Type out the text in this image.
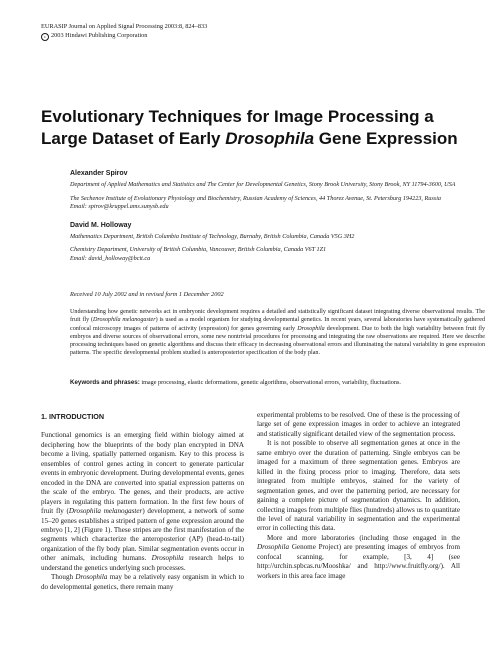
EURASIP Journal on Applied Signal Processing 2003:8, 824–833
c 2003 Hindawi Publishing Corporation
Evolutionary Techniques for Image Processing a Large Dataset of Early Drosophila Gene Expression
Alexander Spirov
Department of Applied Mathematics and Statistics and The Center for Developmental Genetics, Stony Brook University, Stony Brook, NY 11794-3600, USA
The Sechenov Institute of Evolutionary Physiology and Biochemistry, Russian Academy of Sciences, 44 Thorez Avenue, St. Petersburg 194223, Russia
Email: spirov@kruppel.ams.sunysb.edu
David M. Holloway
Mathematics Department, British Columbia Institute of Technology, Burnaby, British Columbia, Canada V5G 3H2
Chemistry Department, University of British Columbia, Vancouver, British Columbia, Canada V6T 1Z1
Email: david_holloway@bcit.ca
Received 10 July 2002 and in revised form 1 December 2002
Understanding how genetic networks act in embryonic development requires a detailed and statistically significant dataset integrating diverse observational results. The fruit fly (Drosophila melanogaster) is used as a model organism for studying developmental genetics. In recent years, several laboratories have systematically gathered confocal microscopy images of patterns of activity (expression) for genes governing early Drosophila development. Due to both the high variability between fruit fly embryos and diverse sources of observational errors, some new nontrivial procedures for processing and integrating the raw observations are required. Here we describe processing techniques based on genetic algorithms and discuss their efficacy in decreasing observational errors and illuminating the natural variability in gene expression patterns. The specific developmental problem studied is anteroposterior specification of the body plan.
Keywords and phrases: image processing, elastic deformations, genetic algorithms, observational errors, variability, fluctuations.
1. INTRODUCTION

Functional genomics is an emerging field within biology aimed at deciphering how the blueprints of the body plan encrypted in DNA become a living, spatially patterned organism. Key to this process is ensembles of control genes acting in concert to generate particular events in embryonic development. During developmental events, genes encoded in the DNA are converted into spatial expression patterns on the scale of the embryo. The genes, and their products, are active players in regulating this pattern formation. In the first few hours of fruit fly (Drosophila melanogaster) development, a network of some 15–20 genes establishes a striped pattern of gene expression around the embryo [1, 2] (Figure 1). These stripes are the first manifestation of the segments which characterize the anteroposterior (AP) (head-to-tail) organization of the fly body plan. Similar segmentation events occur in other animals, including humans. Drosophila research helps to understand the genetics underlying such processes.

Though Drosophila may be a relatively easy organism in which to do developmental genetics, there remain many

experimental problems to be resolved. One of these is the processing of large set of gene expression images in order to achieve an integrated and statistically significant detailed view of the segmentation process.

It is not possible to observe all segmentation genes at once in the same embryo over the duration of patterning. Single embryos can be imaged for a maximum of three segmentation genes. Embryos are killed in the fixing process prior to imaging. Therefore, data sets integrated from multiple embryos, stained for the variety of segmentation genes, and over the patterning period, are necessary for gaining a complete picture of segmentation dynamics. In addition, collecting images from multiple flies (hundreds) allows us to quantitate the level of natural variability in segmentation and the experimental error in collecting this data.

More and more laboratories (including those engaged in the Drosophila Genome Project) are presenting images of embryos from confocal scanning, for example, [3, 4] (see http://urchin.spbcas.ru/Mooshka/ and http://www.fruitfly.org/). All workers in this area face image
